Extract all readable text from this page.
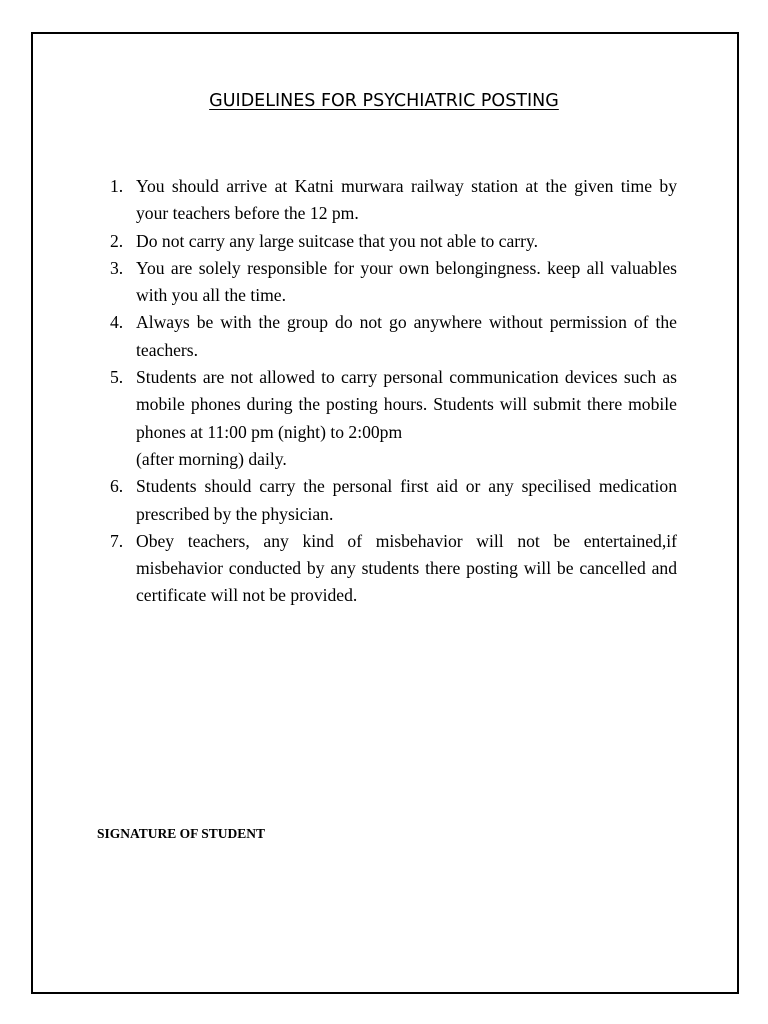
GUIDELINES FOR PSYCHIATRIC POSTING
1. You should arrive at Katni murwara railway station at the given time by your teachers before the 12 pm.
2. Do not carry any large suitcase that you not able to carry.
3. You are solely responsible for your own belongingness. keep all valuables with you all the time.
4. Always be with the group do not go anywhere without permission of the teachers.
5. Students are not allowed to carry personal communication devices such as mobile phones during the posting hours. Students will submit there mobile phones at 11:00 pm (night) to 2:00pm
(after morning) daily.
6. Students should carry the personal first aid or any specilised medication prescribed by the physician.
7. Obey teachers, any kind of misbehavior will not be entertained,if misbehavior conducted by any students there posting will be cancelled and certificate will not be provided.
SIGNATURE OF STUDENT
